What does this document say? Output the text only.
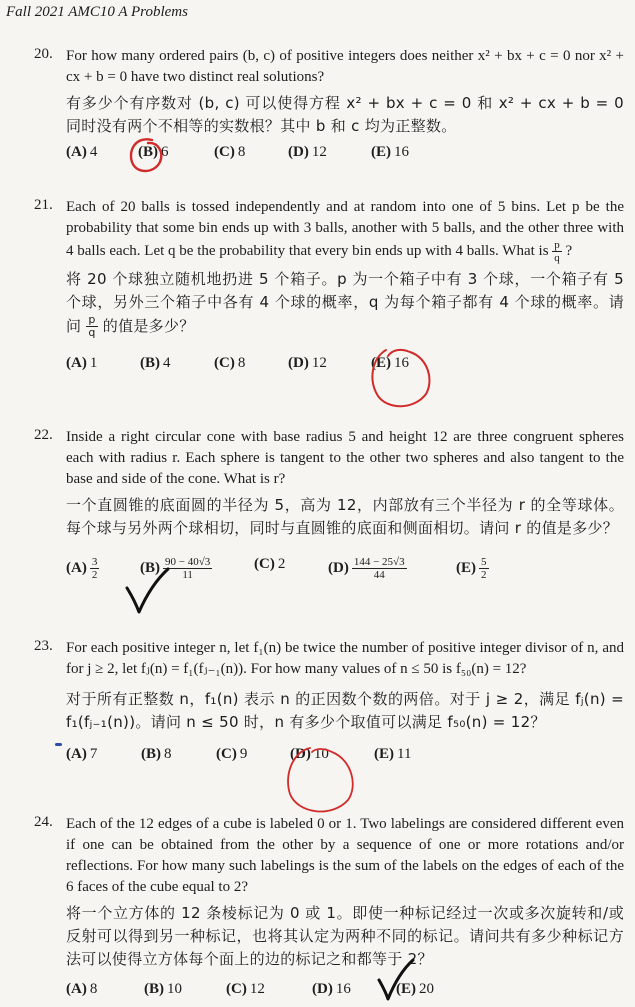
Fall 2021 AMC10 A Problems
20. For how many ordered pairs (b, c) of positive integers does neither x² + bx + c = 0 nor x² + cx + b = 0 have two distinct real solutions?
有多少个有序数对 (b, c) 可以使得方程 x² + bx + c = 0 和 x² + cx + b = 0 同时没有两个不相等的实数根？其中 b 和 c 均为正整数。
(A) 4	(B) 6	(C) 8	(D) 12	(E) 16
21. Each of 20 balls is tossed independently and at random into one of 5 bins. Let p be the probability that some bin ends up with 3 balls, another with 5 balls, and the other three with 4 balls each. Let q be the probability that every bin ends up with 4 balls. What is $\frac{p}{q}$ ?
将 20 个球独立随机地扔进 5 个箱子。p 为一个箱子中有 3 个球，一个箱子有 5 个球，另外三个箱子中各有 4 个球的概率，q 为每个箱子都有 4 个球的概率。请问 $\frac{p}{q}$ 的值是多少？
(A) 1	(B) 4	(C) 8	(D) 12	(E) 16
22. Inside a right circular cone with base radius 5 and height 12 are three congruent spheres each with radius r. Each sphere is tangent to the other two spheres and also tangent to the base and side of the cone. What is r?
一个直圆锥的底面圆的半径为 5，高为 12，内部放有三个半径为 r 的全等球体。每个球与另外两个球相切，同时与直圆锥的底面和侧面相切。请问 r 的值是多少？
$(A) \frac{3}{2}$	$(B) \frac{90 - 40√3}{11}$	(C) 2	$(D) \frac{144 - 25√3}{44}$	$(E) \frac{5}{2}$
23. For each positive integer n, let f₁(n) be twice the number of positive integer divisor of n, and for j ≥ 2, let fⱼ(n) = f₁(fⱼ₋₁(n)). For how many values of n ≤ 50 is f₅₀(n) = 12?
对于所有正整数 n，f₁(n) 表示 n 的正因数个数的两倍。对于 j ≥ 2，满足 fⱼ(n) = f₁(fⱼ₋₁(n))。请问 n ≤ 50 时，n 有多少个取值可以满足 f₅₀(n) = 12？
(A) 7	(B) 8	(C) 9	(D) 10	(E) 11
24. Each of the 12 edges of a cube is labeled 0 or 1. Two labelings are considered different even if one can be obtained from the other by a sequence of one or more rotations and/or reflections. For how many such labelings is the sum of the labels on the edges of each of the 6 faces of the cube equal to 2?
将一个立方体的 12 条棱标记为 0 或 1。即使一种标记经过一次或多次旋转和/或反射可以得到另一种标记，也将其认定为两种不同的标记。请问共有多少种标记方法可以使得立方体每个面上的边的标记之和都等于 2？
(A) 8	(B) 10	(C) 12	(D) 16	(E) 20
